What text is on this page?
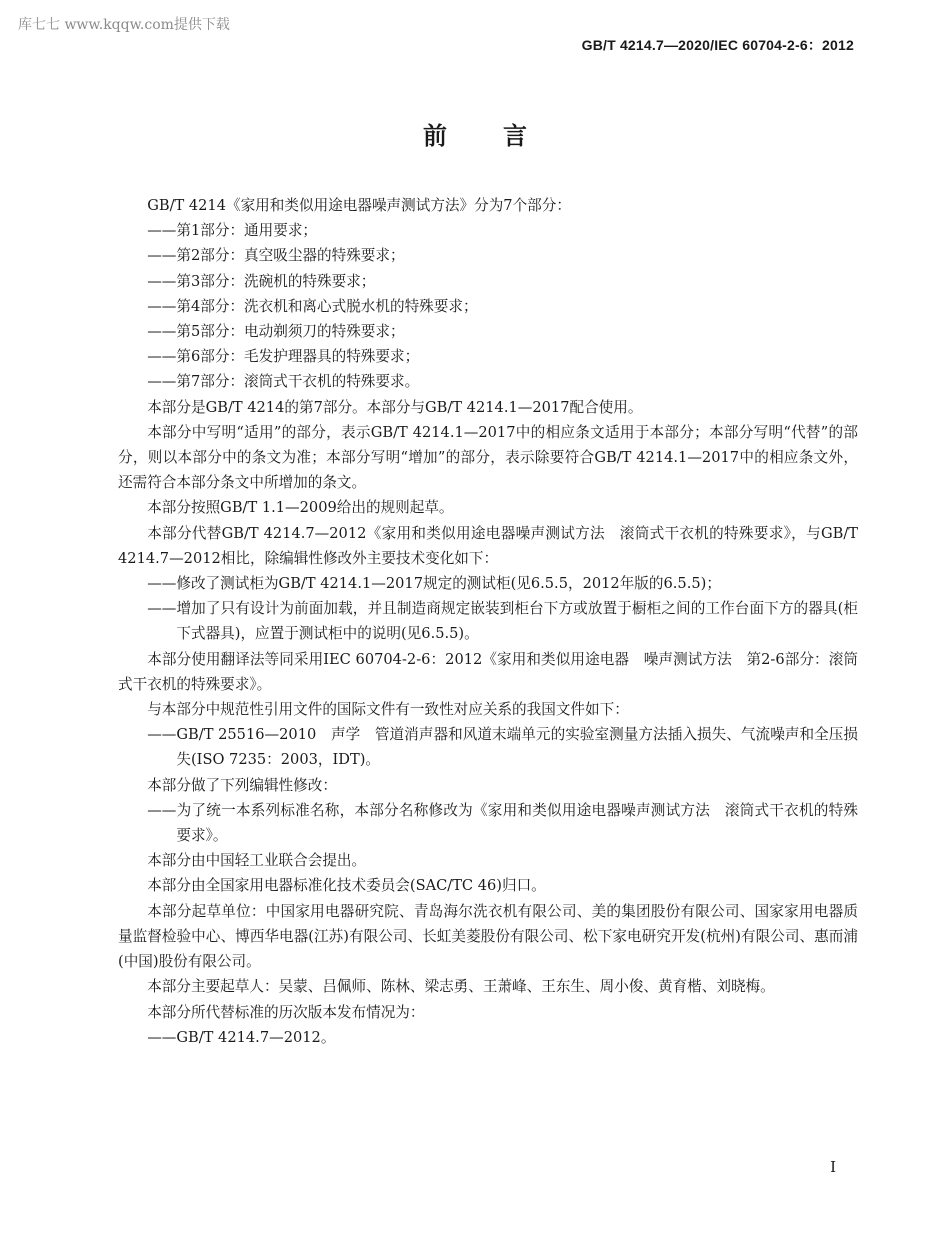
库七七 www.kqqw.com提供下载
GB/T 4214.7—2020/IEC 60704-2-6：2012
前言
GB/T 4214《家用和类似用途电器噪声测试方法》分为7个部分：
——第1部分：通用要求；
——第2部分：真空吸尘器的特殊要求；
——第3部分：洗碗机的特殊要求；
——第4部分：洗衣机和离心式脱水机的特殊要求；
——第5部分：电动剃须刀的特殊要求；
——第6部分：毛发护理器具的特殊要求；
——第7部分：滚筒式干衣机的特殊要求。
本部分是GB/T 4214的第7部分。本部分与GB/T 4214.1—2017配合使用。
本部分中写明“适用”的部分，表示GB/T 4214.1—2017中的相应条文适用于本部分；本部分写明“代替”的部分，则以本部分中的条文为准；本部分写明“增加”的部分，表示除要符合GB/T 4214.1—2017中的相应条文外，还需符合本部分条文中所增加的条文。
本部分按照GB/T 1.1—2009给出的规则起草。
本部分代替GB/T 4214.7—2012《家用和类似用途电器噪声测试方法　滚筒式干衣机的特殊要求》，与GB/T 4214.7—2012相比，除编辑性修改外主要技术变化如下：
——修改了测试柜为GB/T 4214.1—2017规定的测试柜(见6.5.5，2012年版的6.5.5)；
——增加了只有设计为前面加载，并且制造商规定嵌装到柜台下方或放置于橱柜之间的工作台面下方的器具(柜下式器具)，应置于测试柜中的说明(见6.5.5)。
本部分使用翻译法等同采用IEC 60704-2-6：2012《家用和类似用途电器　噪声测试方法　第2-6部分：滚筒式干衣机的特殊要求》。
与本部分中规范性引用文件的国际文件有一致性对应关系的我国文件如下：
——GB/T 25516—2010　声学　管道消声器和风道末端单元的实验室测量方法插入损失、气流噪声和全压损失(ISO 7235：2003，IDT)。
本部分做了下列编辑性修改：
——为了统一本系列标准名称，本部分名称修改为《家用和类似用途电器噪声测试方法　滚筒式干衣机的特殊要求》。
本部分由中国轻工业联合会提出。
本部分由全国家用电器标准化技术委员会(SAC/TC 46)归口。
本部分起草单位：中国家用电器研究院、青岛海尔洗衣机有限公司、美的集团股份有限公司、国家家用电器质量监督检验中心、博西华电器(江苏)有限公司、长虹美菱股份有限公司、松下家电研究开发(杭州)有限公司、惠而浦(中国)股份有限公司。
本部分主要起草人：吴蒙、吕佩师、陈林、梁志勇、王萧峰、王东生、周小俊、黄育楷、刘晓梅。
本部分所代替标准的历次版本发布情况为：
——GB/T 4214.7—2012。
I
